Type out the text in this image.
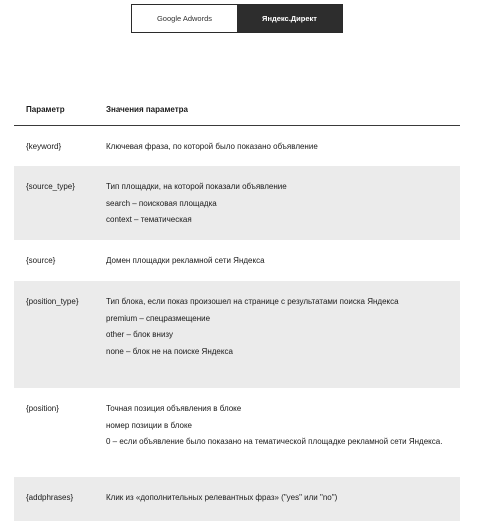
Google Adwords	Яндекс.Директ
Параметр	Значения параметра
{keyword}	Ключевая фраза, по которой было показано объявление
{source_type}	Тип площадки, на которой показали объявление
search – поисковая площадка
context – тематическая
{source}	Домен площадки рекламной сети Яндекса
{position_type}	Тип блока, если показ произошел на странице с результатами поиска Яндекса
premium – спецразмещение
other – блок внизу
none – блок не на поиске Яндекса
{position}	Точная позиция объявления в блоке
номер позиции в блоке
0 – если объявление было показано на тематической площадке рекламной сети Яндекса.
{addphrases}	Клик из «дополнительных релевантных фраз» ("yes" или "no")
